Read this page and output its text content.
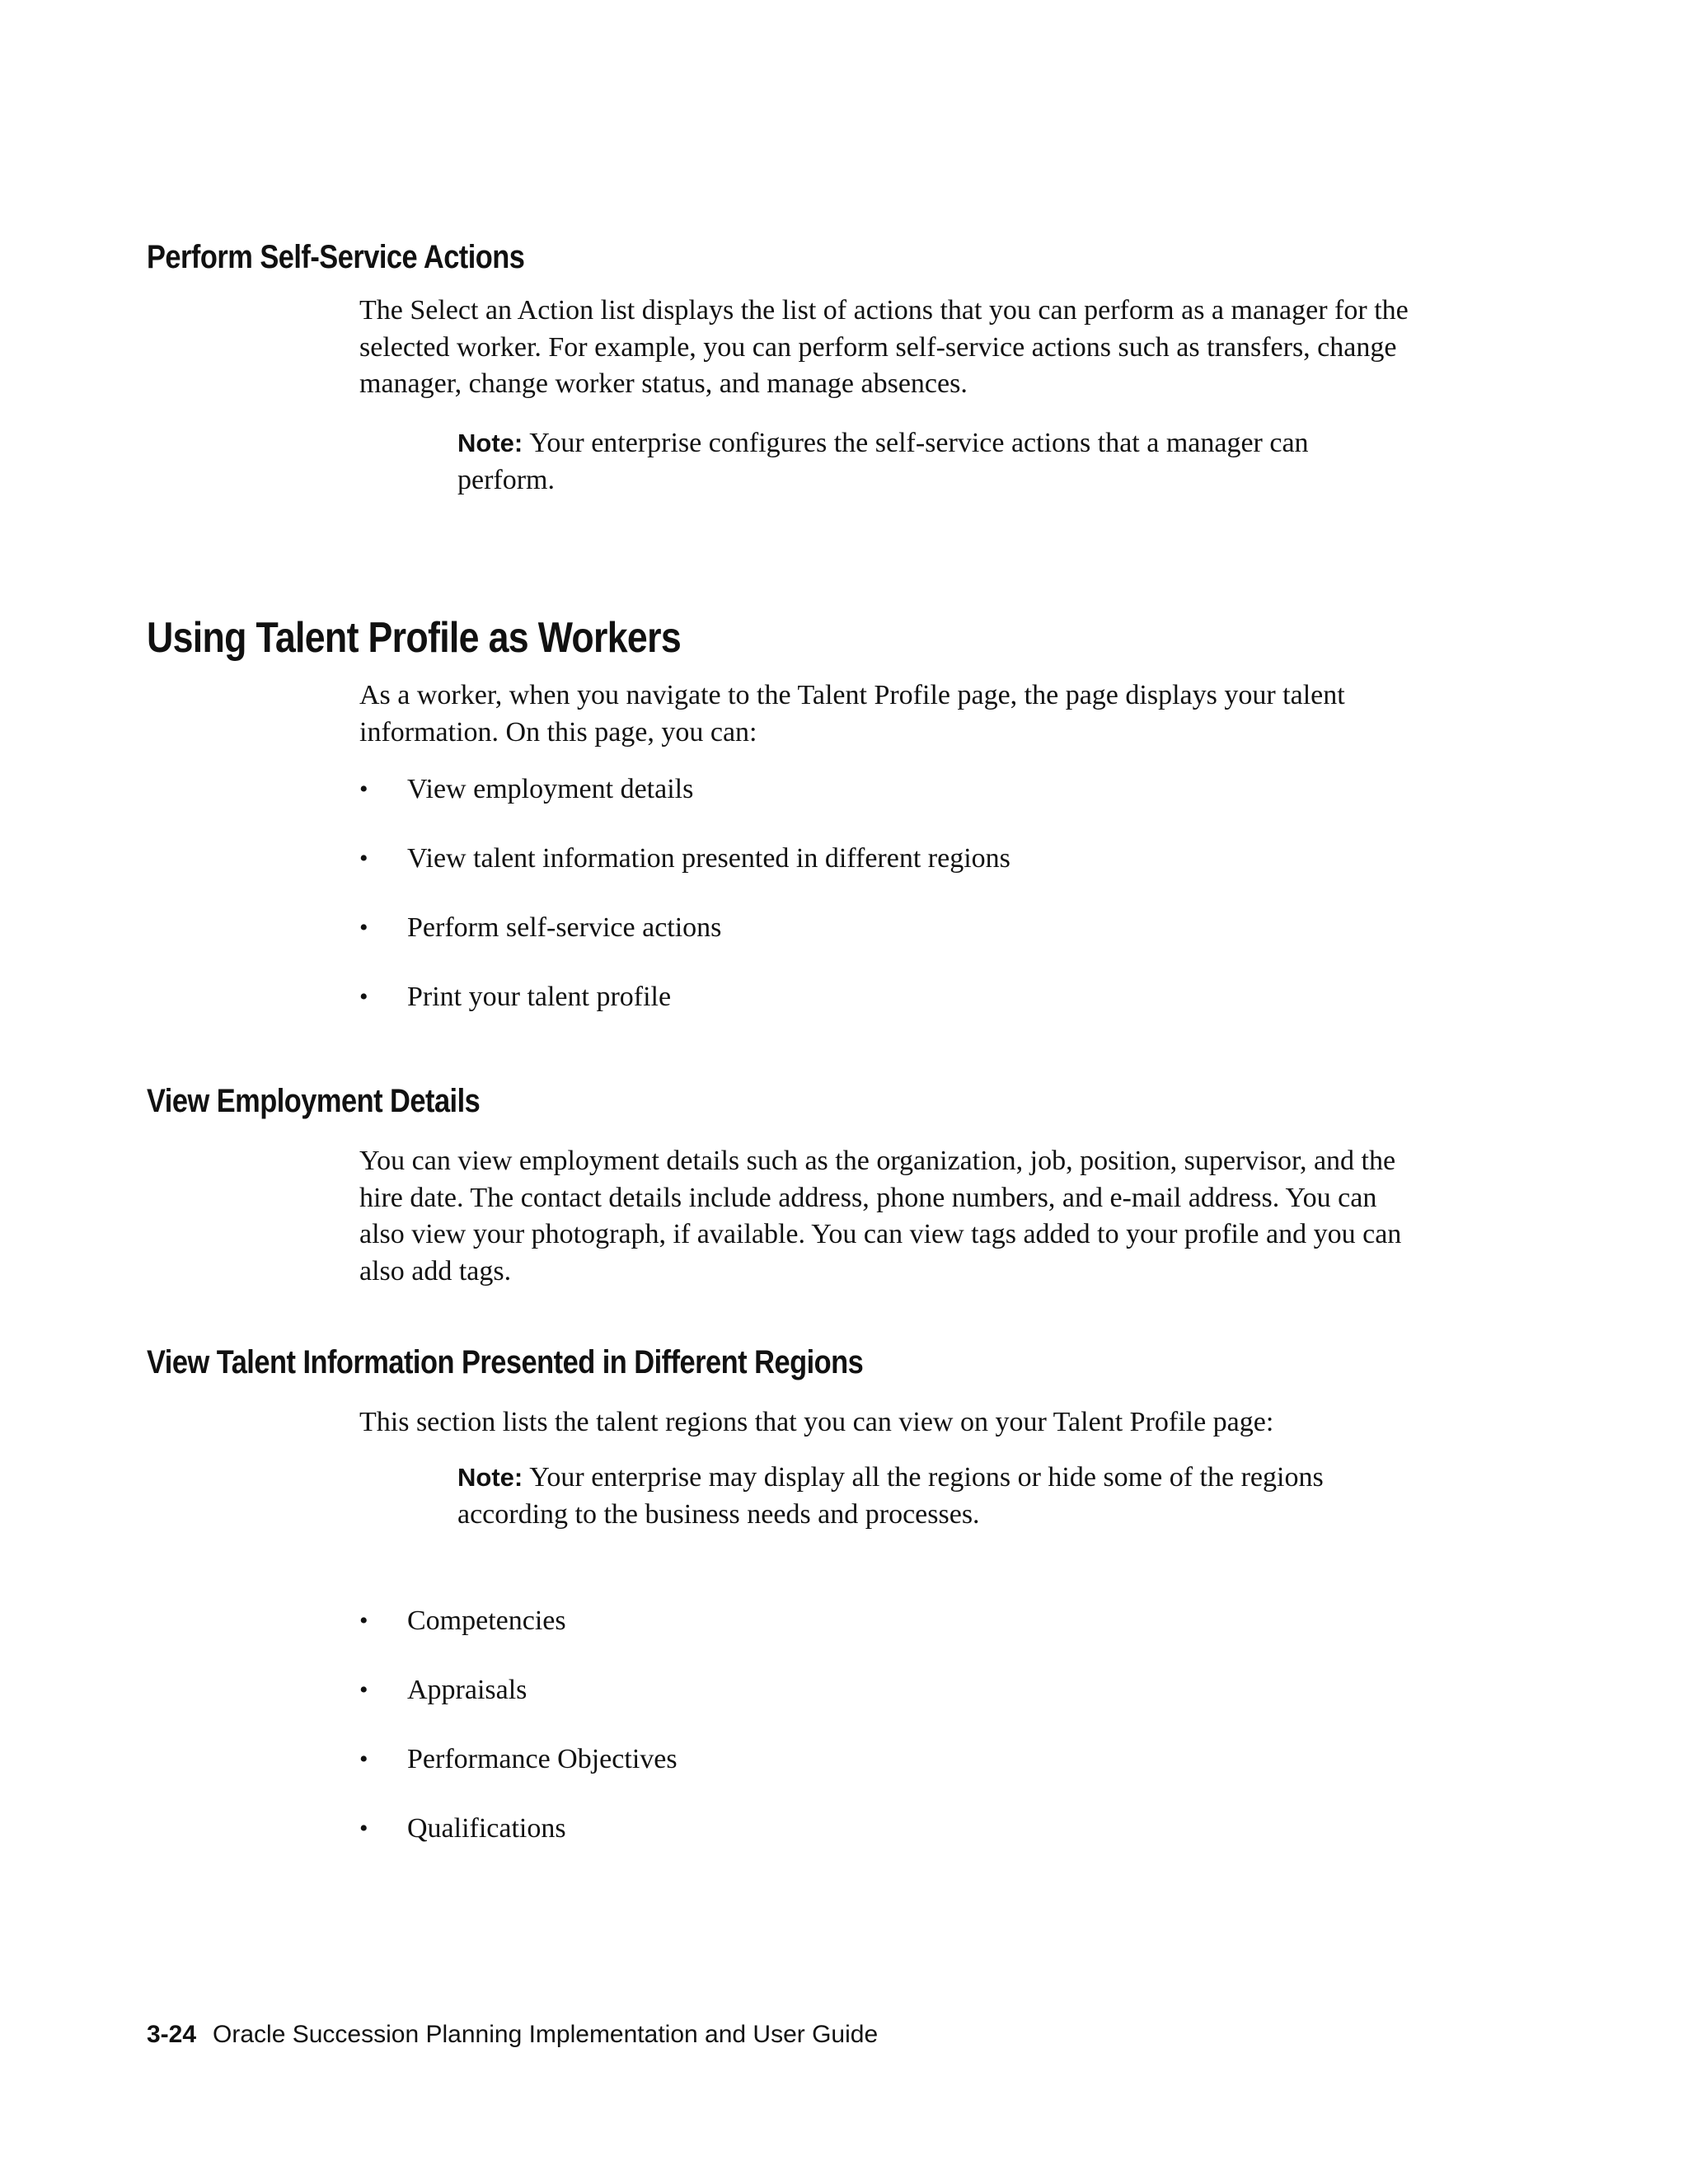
Perform Self-Service Actions

The Select an Action list displays the list of actions that you can perform as a manager for the selected worker. For example, you can perform self-service actions such as transfers, change manager, change worker status, and manage absences.

Note: Your enterprise configures the self-service actions that a manager can perform.

Using Talent Profile as Workers

As a worker, when you navigate to the Talent Profile page, the page displays your talent information. On this page, you can:

• View employment details
• View talent information presented in different regions
• Perform self-service actions
• Print your talent profile
View Employment Details

You can view employment details such as the organization, job, position, supervisor, and the hire date. The contact details include address, phone numbers, and e-mail address. You can also view your photograph, if available. You can view tags added to your profile and you can also add tags.

View Talent Information Presented in Different Regions

This section lists the talent regions that you can view on your Talent Profile page:

Note: Your enterprise may display all the regions or hide some of the regions according to the business needs and processes.

• Competencies
• Appraisals
• Performance Objectives
• Qualifications
3-24 Oracle Succession Planning Implementation and User Guide
